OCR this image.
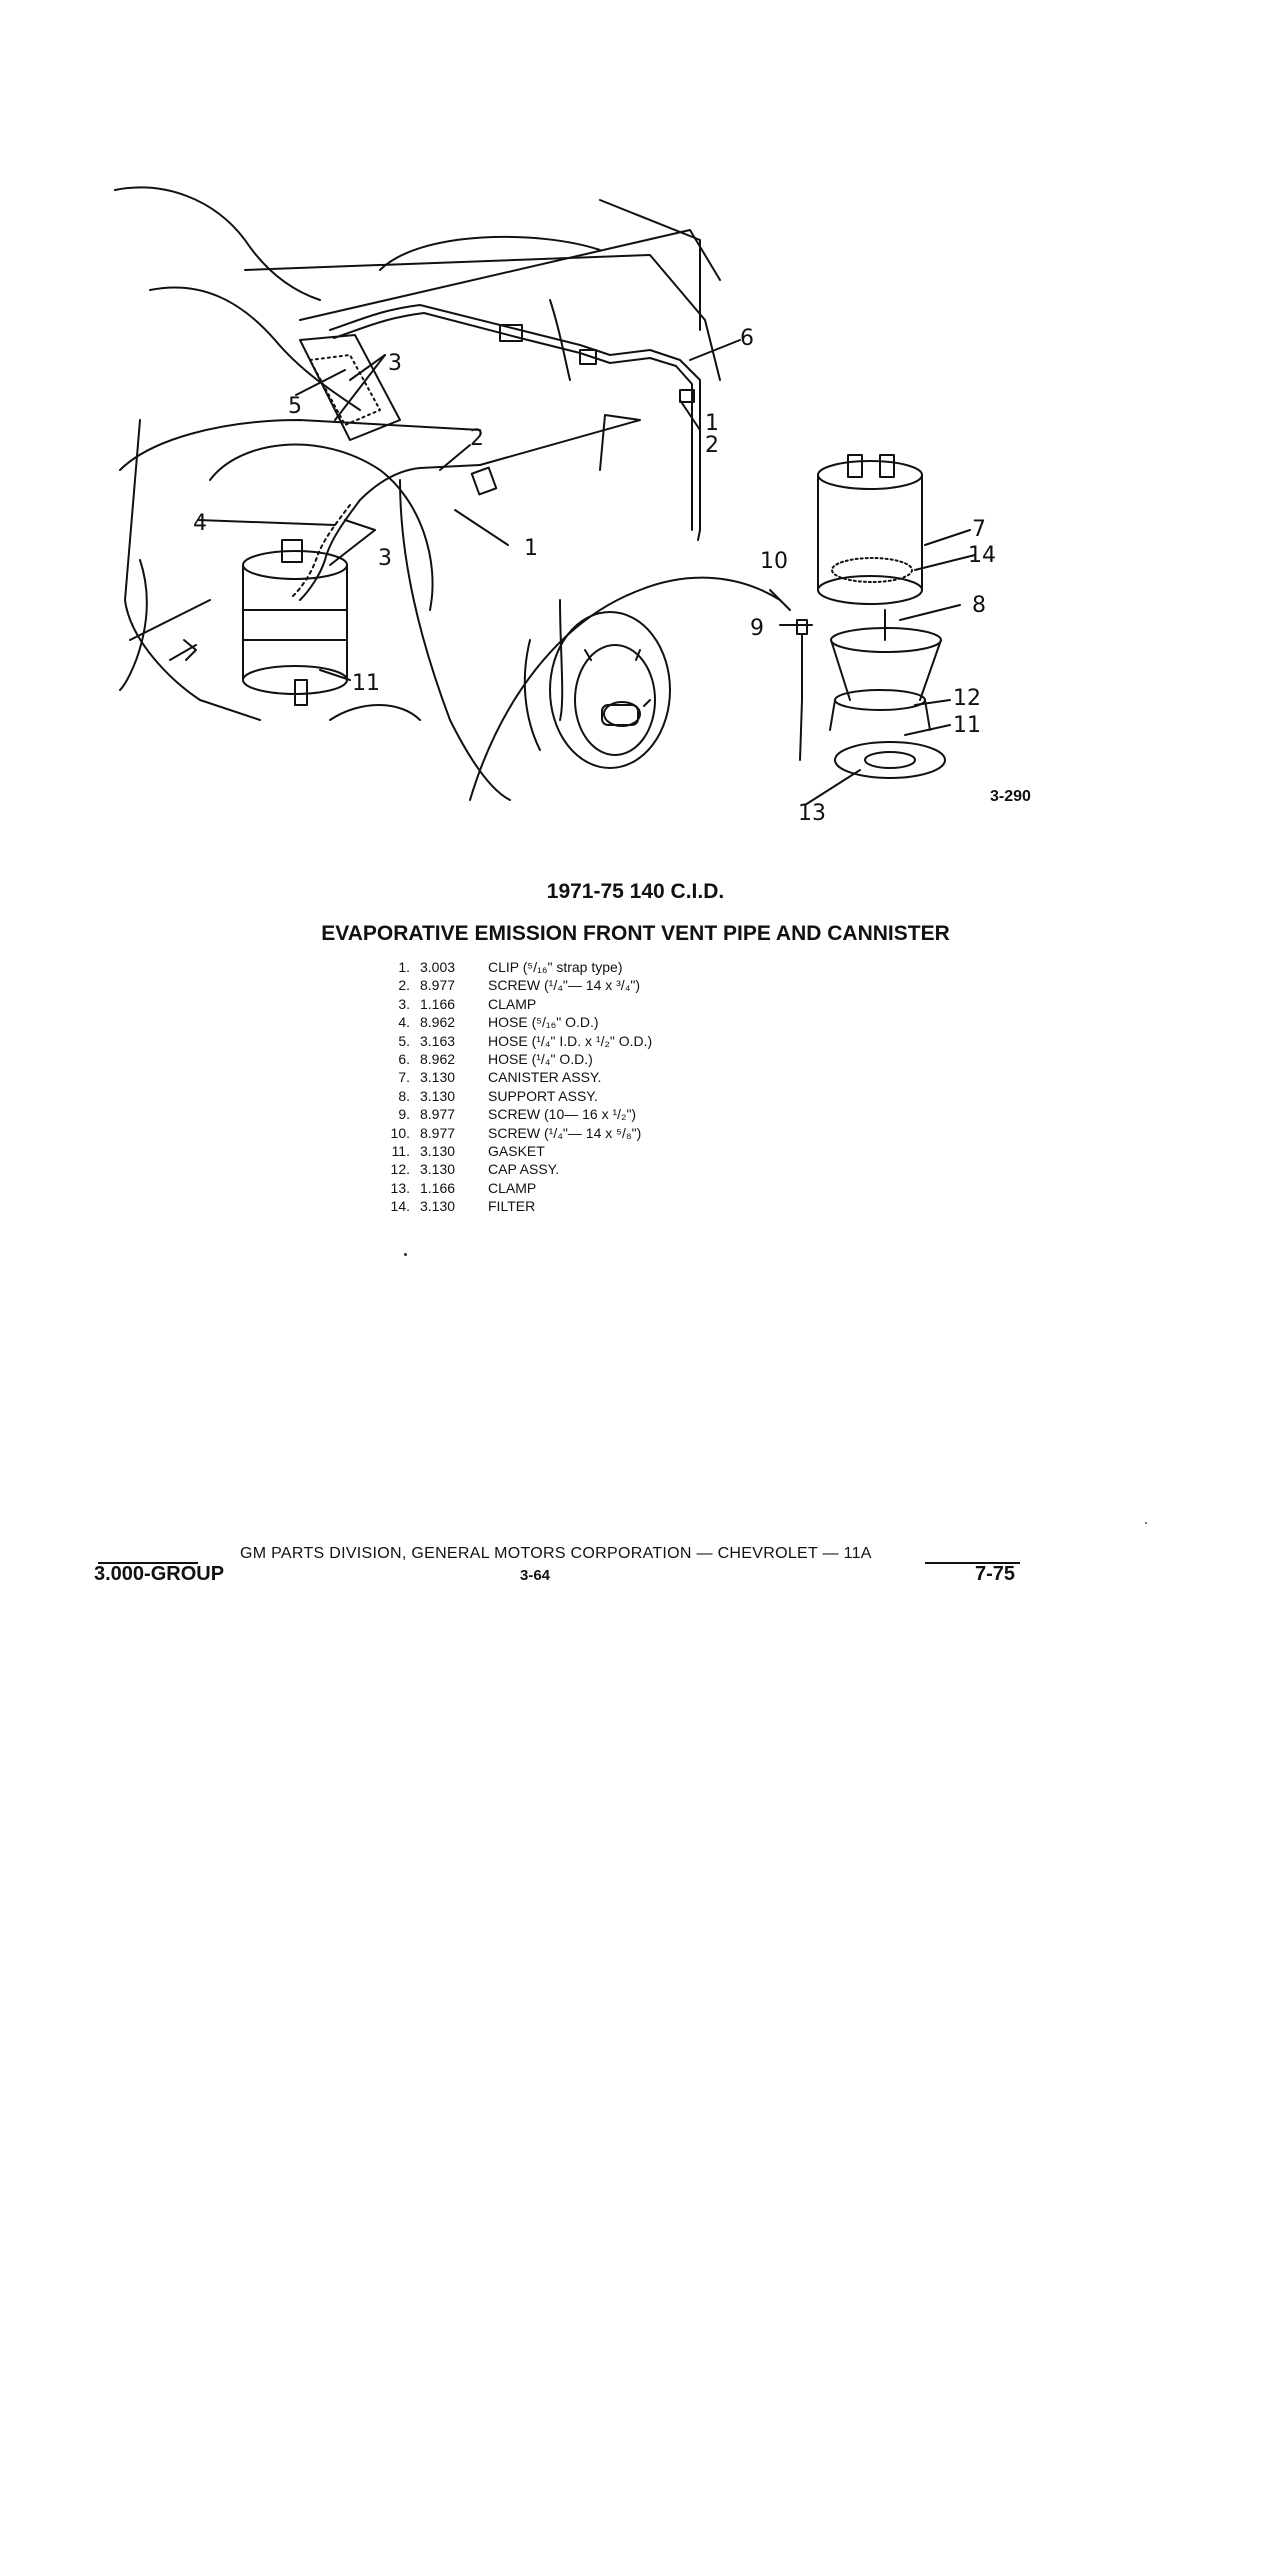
1
2
3
3
4
5
6
1
2
11
7
14
10
9
8
12
11
13
3-290
1971-75 140 C.I.D.
EVAPORATIVE EMISSION FRONT VENT PIPE AND CANNISTER
1. 3.003	CLIP (⁵/₁₆" strap type)
2. 8.977	SCREW (¹/₄"— 14 x ³/₄")
3. 1.166	CLAMP
4. 8.962	HOSE (⁵/₁₆" O.D.)
5. 3.163	HOSE (¹/₄" I.D. x ¹/₂" O.D.)
6. 8.962	HOSE (¹/₄" O.D.)
7. 3.130	CANISTER ASSY.
8. 3.130	SUPPORT ASSY.
9. 8.977	SCREW (10— 16 x ¹/₂")
10. 8.977	SCREW (¹/₄"— 14 x ⁵/₈")
11. 3.130	GASKET
12. 3.130	CAP ASSY.
13. 1.166	CLAMP
14. 3.130	FILTER
GM PARTS DIVISION, GENERAL MOTORS CORPORATION — CHEVROLET — 11A
3.000-GROUP	3-64	7-75
